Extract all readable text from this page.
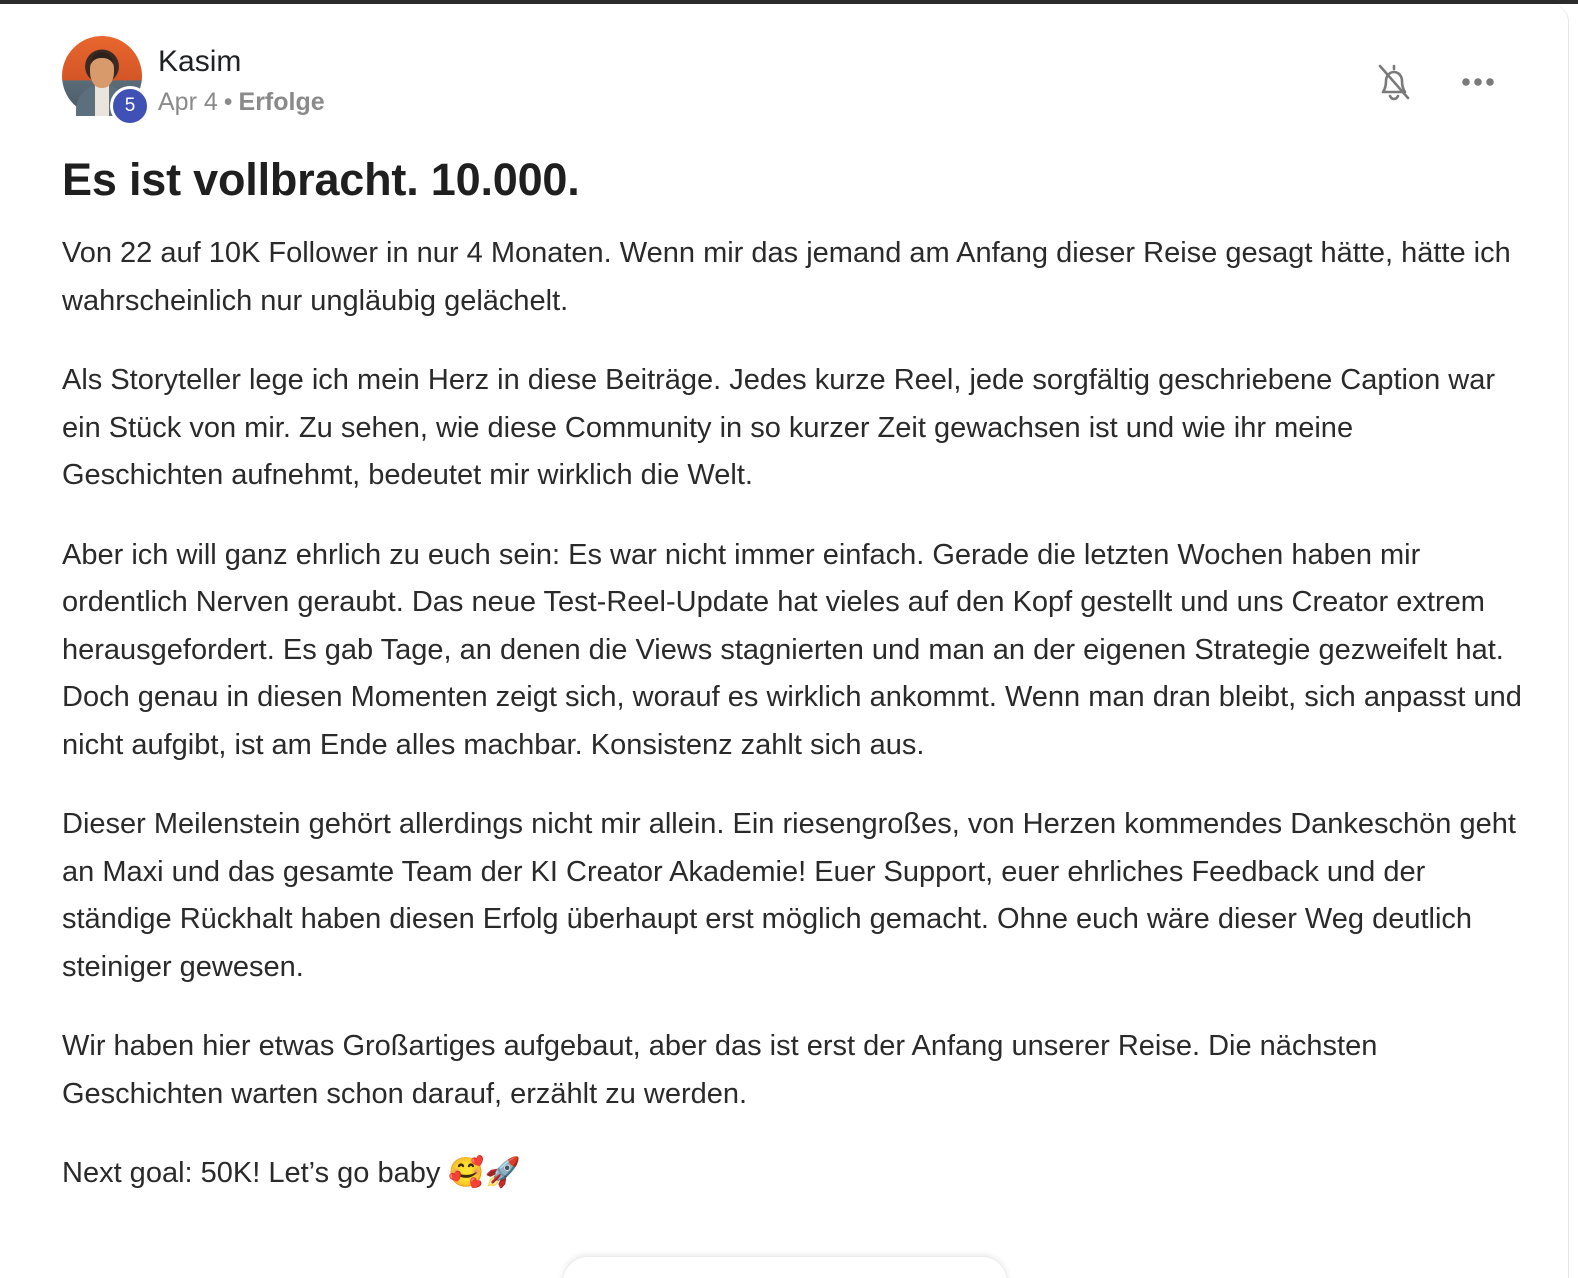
5
Kasim
Apr 4 • Erfolge
Es ist vollbracht. 10.000.

Von 22 auf 10K Follower in nur 4 Monaten. Wenn mir das jemand am Anfang dieser Reise gesagt hätte, hätte ich wahrscheinlich nur ungläubig gelächelt.

Als Storyteller lege ich mein Herz in diese Beiträge. Jedes kurze Reel, jede sorgfältig geschriebene Caption war ein Stück von mir. Zu sehen, wie diese Community in so kurzer Zeit gewachsen ist und wie ihr meine Geschichten aufnehmt, bedeutet mir wirklich die Welt.

Aber ich will ganz ehrlich zu euch sein: Es war nicht immer einfach. Gerade die letzten Wochen haben mir ordentlich Nerven geraubt. Das neue Test-Reel-Update hat vieles auf den Kopf gestellt und uns Creator extrem herausgefordert. Es gab Tage, an denen die Views stagnierten und man an der eigenen Strategie gezweifelt hat. Doch genau in diesen Momenten zeigt sich, worauf es wirklich ankommt. Wenn man dran bleibt, sich anpasst und nicht aufgibt, ist am Ende alles machbar. Konsistenz zahlt sich aus.

Dieser Meilenstein gehört allerdings nicht mir allein. Ein riesengroßes, von Herzen kommendes Dankeschön geht an Maxi und das gesamte Team der KI Creator Akademie! Euer Support, euer ehrliches Feedback und der ständige Rückhalt haben diesen Erfolg überhaupt erst möglich gemacht. Ohne euch wäre dieser Weg deutlich steiniger gewesen.

Wir haben hier etwas Großartiges aufgebaut, aber das ist erst der Anfang unserer Reise. Die nächsten Geschichten warten schon darauf, erzählt zu werden.

Next goal: 50K! Let’s go baby 🥰🚀
